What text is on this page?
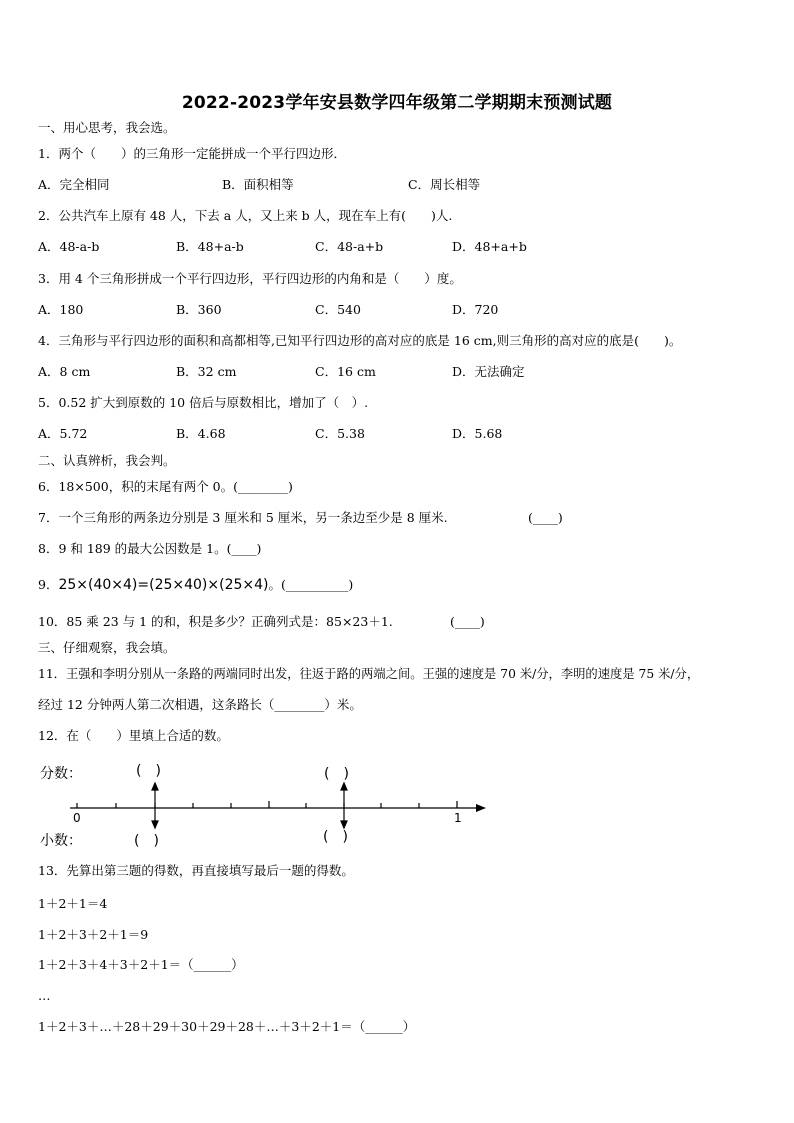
2022-2023学年安县数学四年级第二学期期末预测试题
一、用心思考，我会选。
1．两个（　　）的三角形一定能拼成一个平行四边形．
A．完全相同	B．面积相等	C．周长相等
2．公共汽车上原有 48 人，下去 a 人，又上来 b 人，现在车上有(　　)人.
A．48-a-b	B．48+a-b	C．48-a+b	D．48+a+b
3．用 4 个三角形拼成一个平行四边形，平行四边形的内角和是（　　）度。
A．180	B．360	C．540	D．720
4．三角形与平行四边形的面积和高都相等,已知平行四边形的高对应的底是 16 cm,则三角形的高对应的底是(　　)。
A．8 cm	B．32 cm	C．16 cm	D．无法确定
5．0.52 扩大到原数的 10 倍后与原数相比，增加了（　）.
A．5.72	B．4.68	C．5.38	D．5.68
二、认真辨析，我会判。
6．18×500，积的末尾有两个 0。(________)
7．一个三角形的两条边分别是 3 厘米和 5 厘米，另一条边至少是 8 厘米.	(____)
8．9 和 189 的最大公因数是 1。(____)
9．25×(40×4)=(25×40)×(25×4)。(__________)
10．85 乘 23 与 1 的和，积是多少？正确列式是：85×23＋1.	(____)
三、仔细观察，我会填。
11．王强和李明分别从一条路的两端同时出发，往返于路的两端之间。王强的速度是 70 米/分，李明的速度是 75 米/分，
经过 12 分钟两人第二次相遇，这条路长（________）米。
12．在（　　）里填上合适的数。
分数：
小数：
(　)	(　)
(　)	(　)
0	1
13．先算出第三题的得数，再直接填写最后一题的得数。
1＋2＋1＝4
1＋2＋3＋2＋1＝9
1＋2＋3＋4＋3＋2＋1＝（______）
…
1＋2＋3＋…＋28＋29＋30＋29＋28＋…＋3＋2＋1＝（______）
